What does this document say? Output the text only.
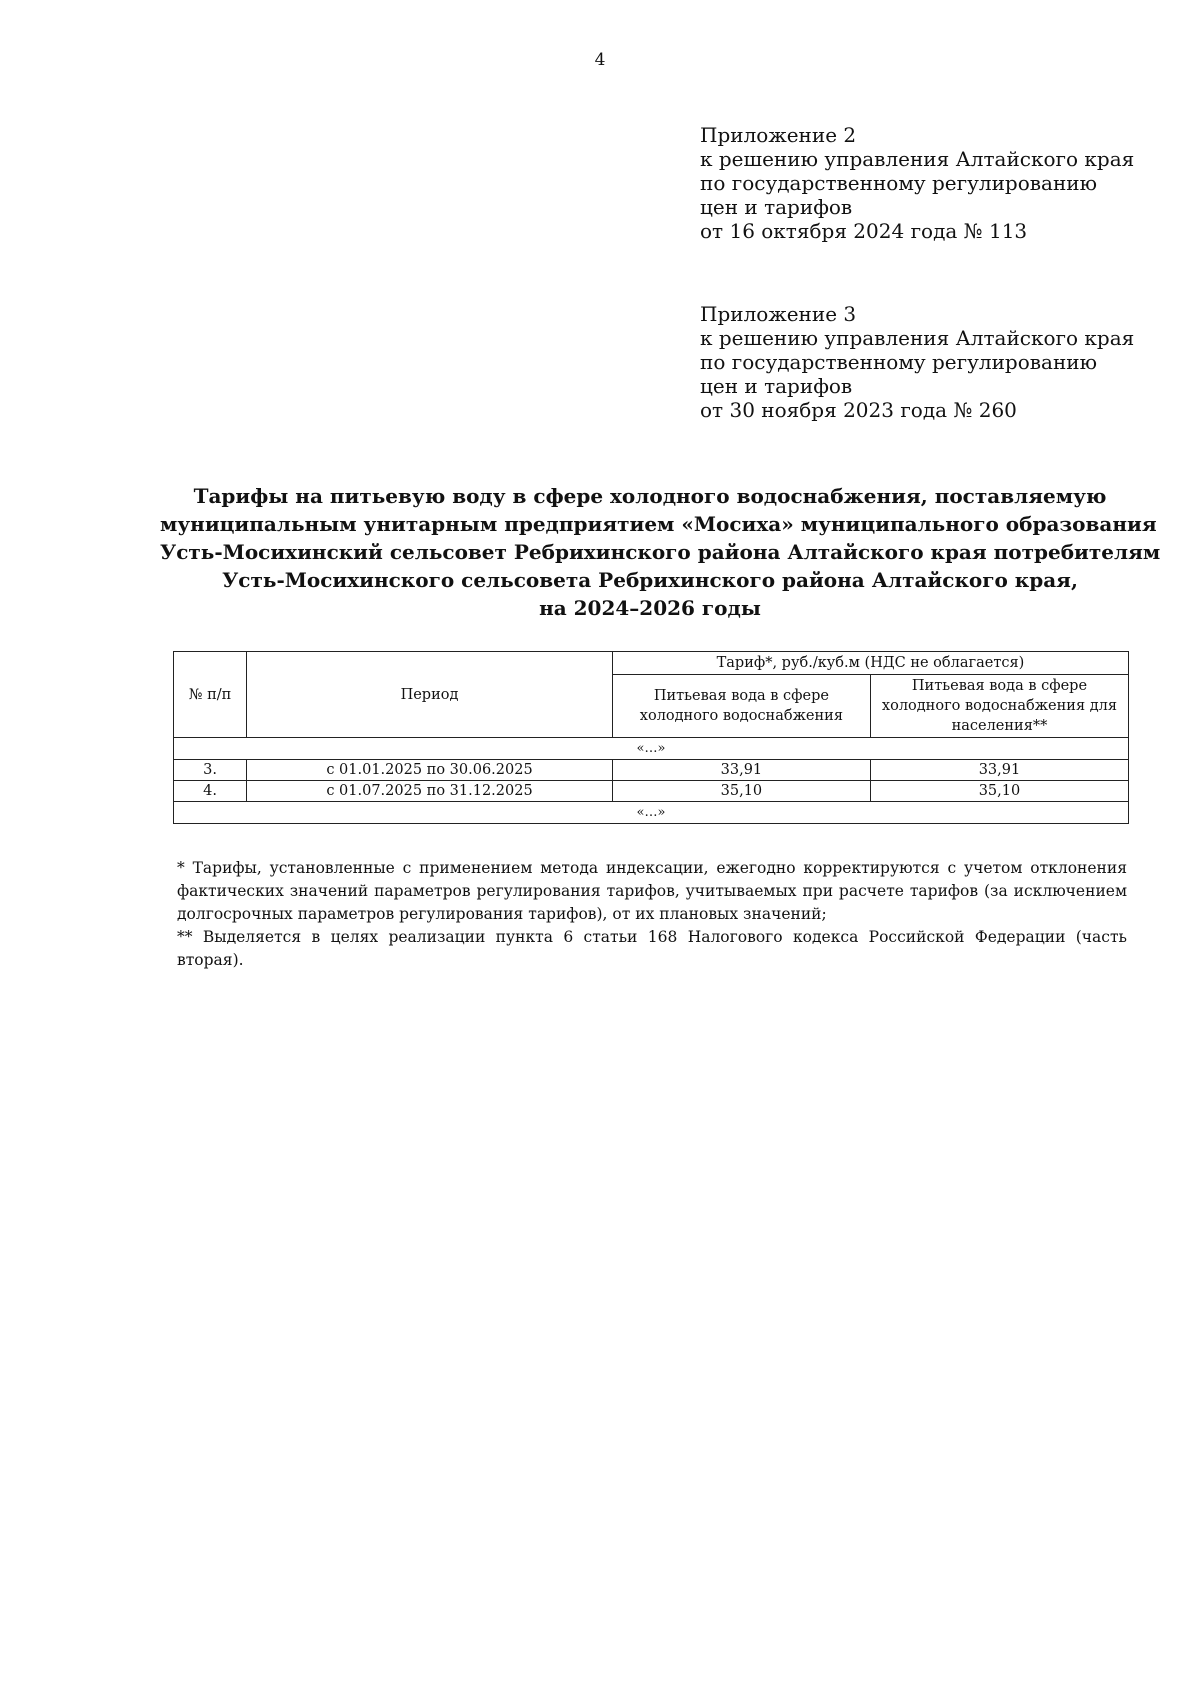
4
Приложение 2
к решению управления Алтайского края
по государственному регулированию
цен и тарифов
от 16 октября 2024 года № 113
Приложение 3
к решению управления Алтайского края
по государственному регулированию
цен и тарифов
от 30 ноября 2023 года № 260
Тарифы на питьевую воду в сфере холодного водоснабжения, поставляемую
муниципальным унитарным предприятием «Мосиха» муниципального образования
Усть-Мосихинский сельсовет Ребрихинского района Алтайского края потребителям
Усть-Мосихинского сельсовета Ребрихинского района Алтайского края,
на 2024–2026 годы
№ п/п	Период	Тариф*, руб./куб.м (НДС не облагается)	
		Питьевая вода в сфере холодного водоснабжения	Питьевая вода в сфере холодного водоснабжения для населения**
«…»			
3.	с 01.01.2025 по 30.06.2025	33,91	33,91
4.	с 01.07.2025 по 31.12.2025	35,10	35,10
«…»			

* Тарифы, установленные с применением метода индексации, ежегодно корректируются с учетом отклонения фактических значений параметров регулирования тарифов, учитываемых при расчете тарифов (за исключением долгосрочных параметров регулирования тарифов), от их плановых значений;

** Выделяется в целях реализации пункта 6 статьи 168 Налогового кодекса Российской Федерации (часть вторая).
